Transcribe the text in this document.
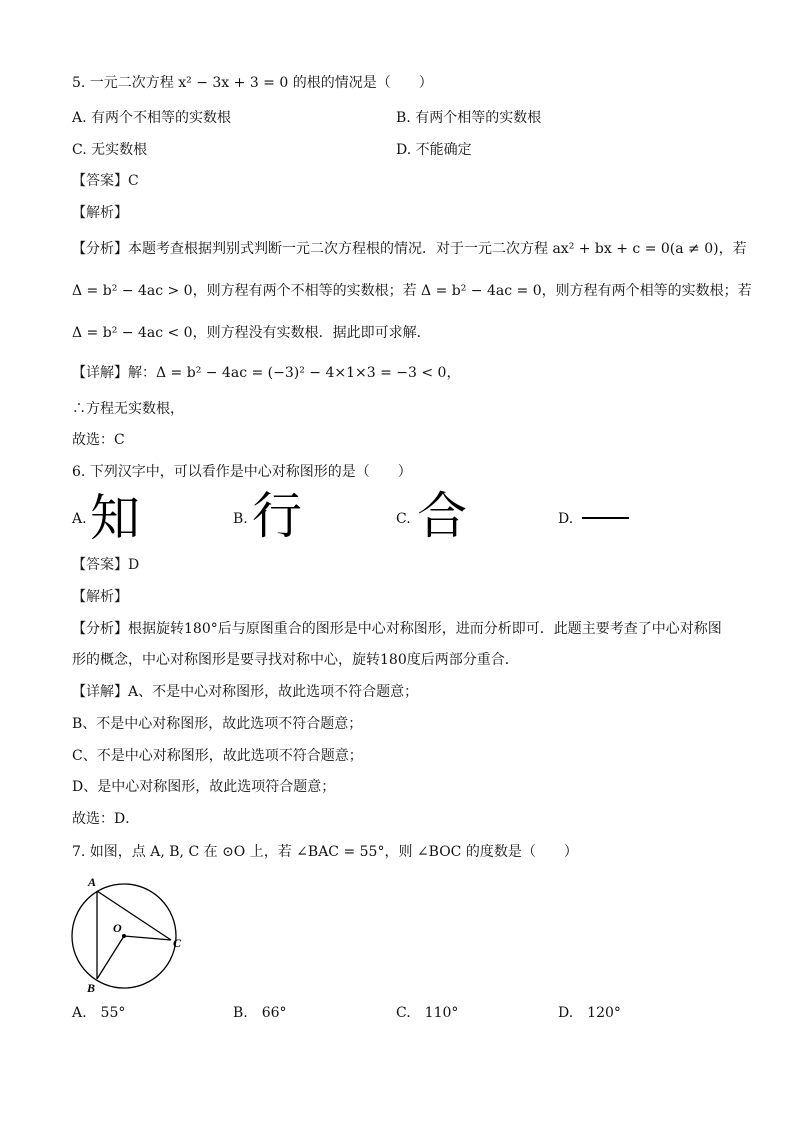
5. 一元二次方程 x² − 3x + 3 = 0 的根的情况是（　　）
A. 有两个不相等的实数根	B. 有两个相等的实数根
C. 无实数根	D. 不能确定
【答案】C
【解析】
【分析】本题考查根据判别式判断一元二次方程根的情况．对于一元二次方程 ax² + bx + c = 0(a ≠ 0)，若
Δ = b² − 4ac > 0，则方程有两个不相等的实数根；若 Δ = b² − 4ac = 0，则方程有两个相等的实数根；若
Δ = b² − 4ac < 0，则方程没有实数根．据此即可求解．
【详解】解：Δ = b² − 4ac = (−3)² − 4×1×3 = −3 < 0，
∴方程无实数根，
故选：C
6. 下列汉字中，可以看作是中心对称图形的是（　　）
A. 知	B. 行	C. 合	D.
【答案】D
【解析】
【分析】根据旋转180°后与原图重合的图形是中心对称图形，进而分析即可．此题主要考查了中心对称图
形的概念，中心对称图形是要寻找对称中心，旋转180度后两部分重合．
【详解】A、不是中心对称图形，故此选项不符合题意；
B、不是中心对称图形，故此选项不符合题意；
C、不是中心对称图形，故此选项不符合题意；
D、是中心对称图形，故此选项符合题意；
故选：D．
7. 如图，点 A, B, C 在 ⊙O 上，若 ∠BAC = 55°，则 ∠BOC 的度数是（　　）
A
B
C
O
A.　55°	B.　66°	C.　110°	D.　120°
